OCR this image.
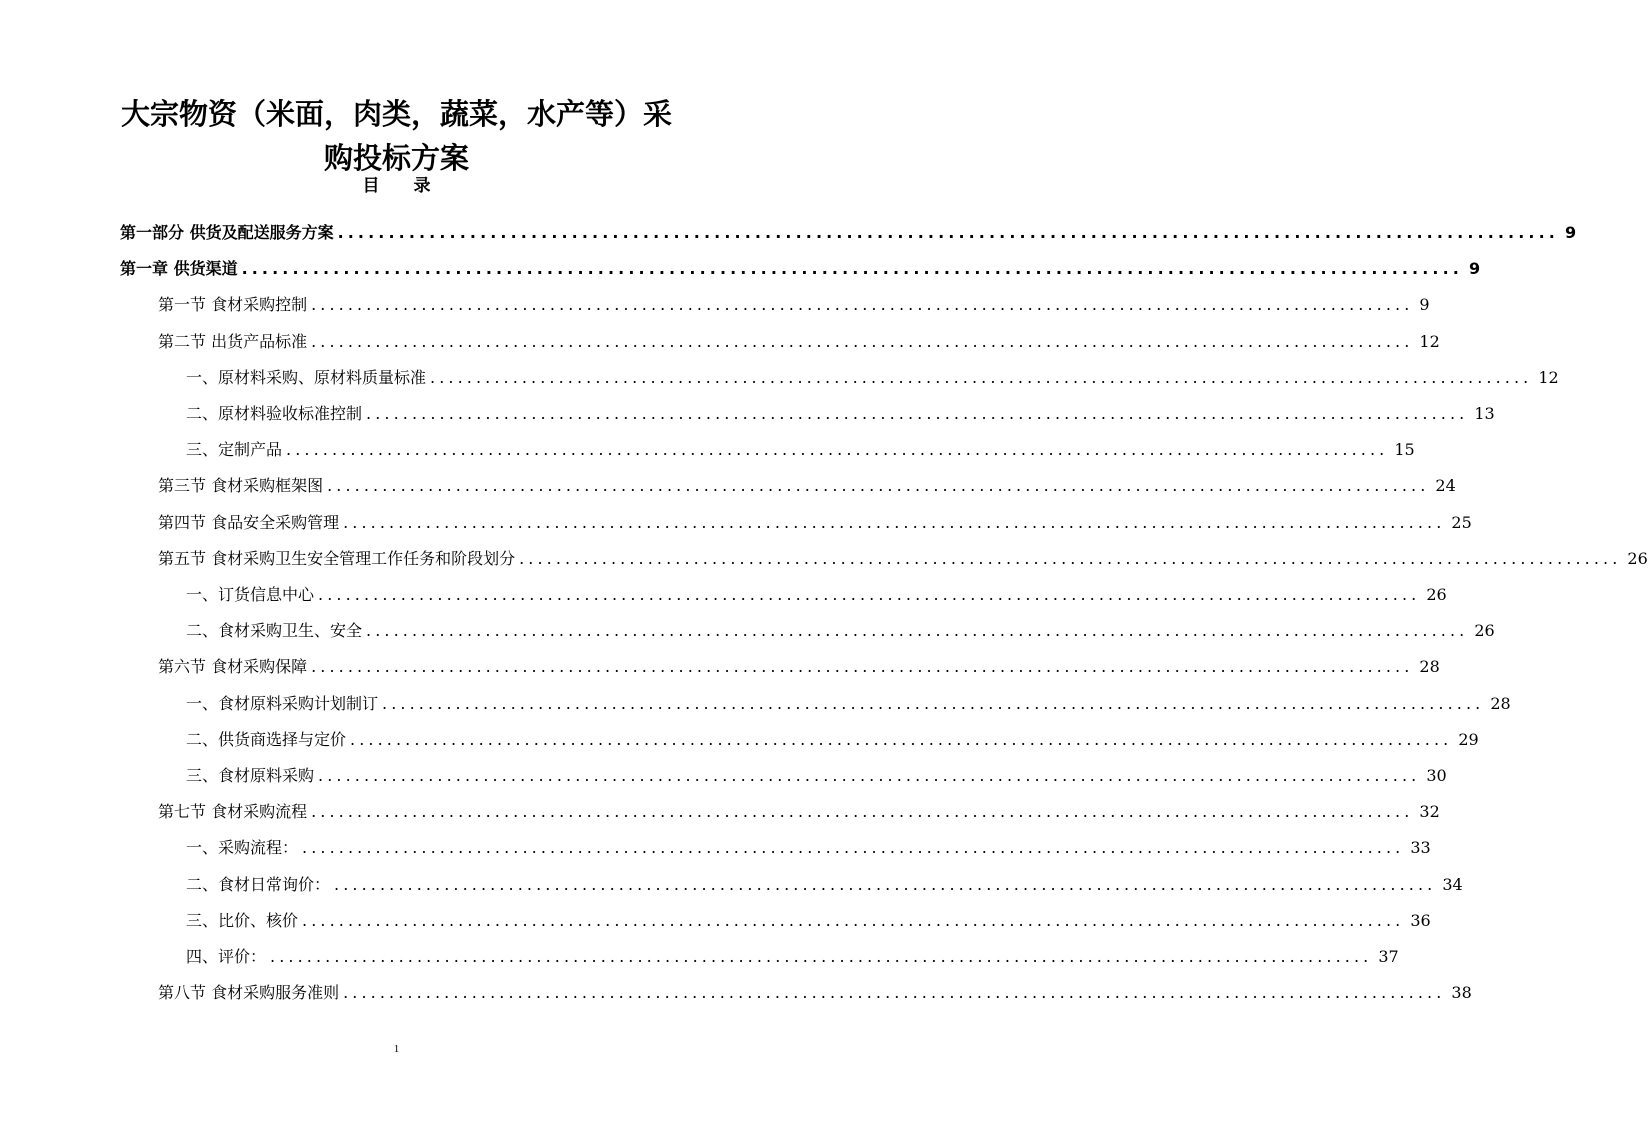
大宗物资（米面，肉类，蔬菜，水产等）采
购投标方案
目 录
第一部分 供货及配送服务方案 ........................................................................................................................ 9
第一章 供货渠道 ........................................................................................................................ 9
第一节 食材采购控制 ........................................................................................................................ 9
第二节 出货产品标准 ........................................................................................................................ 12
一、原材料采购、原材料质量标准 ........................................................................................................................ 12
二、原材料验收标准控制 ........................................................................................................................ 13
三、定制产品 ........................................................................................................................ 15
第三节 食材采购框架图 ........................................................................................................................ 24
第四节 食品安全采购管理 ........................................................................................................................ 25
第五节 食材采购卫生安全管理工作任务和阶段划分 ........................................................................................................................ 26
一、订货信息中心 ........................................................................................................................ 26
二、食材采购卫生、安全 ........................................................................................................................ 26
第六节 食材采购保障 ........................................................................................................................ 28
一、食材原料采购计划制订 ........................................................................................................................ 28
二、供货商选择与定价 ........................................................................................................................ 29
三、食材原料采购 ........................................................................................................................ 30
第七节 食材采购流程 ........................................................................................................................ 32
一、采购流程： ........................................................................................................................ 33
二、食材日常询价： ........................................................................................................................ 34
三、比价、核价 ........................................................................................................................ 36
四、评价： ........................................................................................................................ 37
第八节 食材采购服务准则 ........................................................................................................................ 38
1
